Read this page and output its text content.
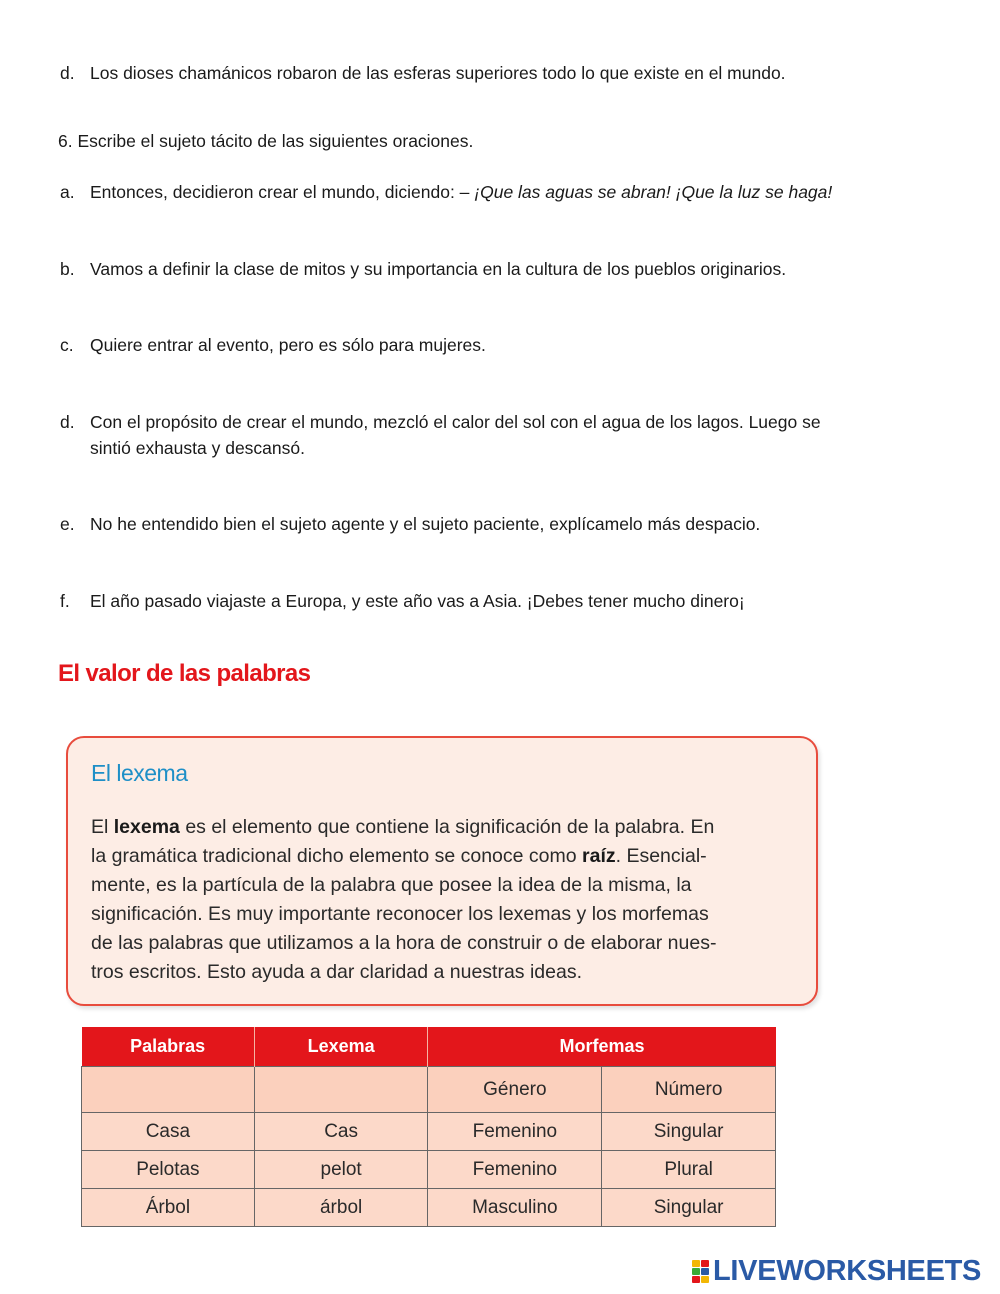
d. Los dioses chamánicos robaron de las esferas superiores todo lo que existe en el mundo.
6. Escribe el sujeto tácito de las siguientes oraciones.
a. Entonces, decidieron crear el mundo, diciendo: – ¡Que las aguas se abran! ¡Que la luz se haga!
b. Vamos a definir la clase de mitos y su importancia en la cultura de los pueblos originarios.
c. Quiere entrar al evento, pero es sólo para mujeres.
d. Con el propósito de crear el mundo, mezcló el calor del sol con el agua de los lagos. Luego se
sintió exhausta y descansó.
e. No he entendido bien el sujeto agente y el sujeto paciente, explícamelo más despacio.
f. El año pasado viajaste a Europa, y este año vas a Asia. ¡Debes tener mucho dinero¡
El valor de las palabras
El lexema
El lexema es el elemento que contiene la significación de la palabra. En
la gramática tradicional dicho elemento se conoce como raíz. Esencial-
mente, es la partícula de la palabra que posee la idea de la misma, la
significación. Es muy importante reconocer los lexemas y los morfemas
de las palabras que utilizamos a la hora de construir o de elaborar nues-
tros escritos. Esto ayuda a dar claridad a nuestras ideas.
Palabras	Lexema	Morfemas	
		Género	Número
Casa	Cas	Femenino	Singular
Pelotas	pelot	Femenino	Plural
Árbol	árbol	Masculino	Singular
LIVEWORKSHEETS
